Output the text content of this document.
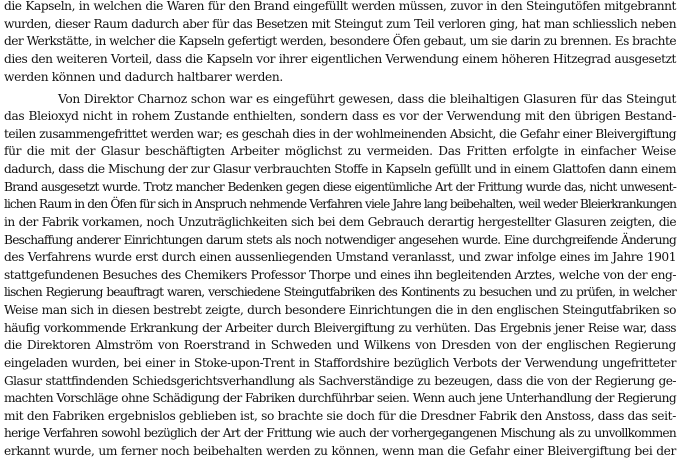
die Kapseln, in welchen die Waren für den Brand eingefüllt werden müssen, zuvor in den Steingutöfen mitgebrannt
wurden, dieser Raum dadurch aber für das Besetzen mit Steingut zum Teil verloren ging, hat man schliesslich neben
der Werkstätte, in welcher die Kapseln gefertigt werden, besondere Öfen gebaut, um sie darin zu brennen. Es brachte
dies den weiteren Vorteil, dass die Kapseln vor ihrer eigentlichen Verwendung einem höheren Hitzegrad ausgesetzt
werden können und dadurch haltbarer werden.
Von Direktor Charnoz schon war es eingeführt gewesen, dass die bleihaltigen Glasuren für das Steingut
das Bleioxyd nicht in rohem Zustande enthielten, sondern dass es vor der Verwendung mit den übrigen Bestand-
teilen zusammengefrittet werden war; es geschah dies in der wohlmeinenden Absicht, die Gefahr einer Bleivergiftung
für die mit der Glasur beschäftigten Arbeiter möglichst zu vermeiden. Das Fritten erfolgte in einfacher Weise
dadurch, dass die Mischung der zur Glasur verbrauchten Stoffe in Kapseln gefüllt und in einem Glattofen dann einem
Brand ausgesetzt wurde. Trotz mancher Bedenken gegen diese eigentümliche Art der Frittung wurde das, nicht unwesent-
lichen Raum in den Öfen für sich in Anspruch nehmende Verfahren viele Jahre lang beibehalten, weil weder Bleierkrankungen
in der Fabrik vorkamen, noch Unzuträglichkeiten sich bei dem Gebrauch derartig hergestellter Glasuren zeigten, die
Beschaffung anderer Einrichtungen darum stets als noch notwendiger angesehen wurde. Eine durchgreifende Änderung
des Verfahrens wurde erst durch einen aussenliegenden Umstand veranlasst, und zwar infolge eines im Jahre 1901
stattgefundenen Besuches des Chemikers Professor Thorpe und eines ihn begleitenden Arztes, welche von der eng-
lischen Regierung beauftragt waren, verschiedene Steingutfabriken des Kontinents zu besuchen und zu prüfen, in welcher
Weise man sich in diesen bestrebt zeigte, durch besondere Einrichtungen die in den englischen Steingutfabriken so
häufig vorkommende Erkrankung der Arbeiter durch Bleivergiftung zu verhüten. Das Ergebnis jener Reise war, dass
die Direktoren Almström von Roerstrand in Schweden und Wilkens von Dresden von der englischen Regierung
eingeladen wurden, bei einer in Stoke-upon-Trent in Staffordshire bezüglich Verbots der Verwendung ungefritteter
Glasur stattfindenden Schiedsgerichtsverhandlung als Sachverständige zu bezeugen, dass die von der Regierung ge-
machten Vorschläge ohne Schädigung der Fabriken durchführbar seien. Wenn auch jene Unterhandlung der Regierung
mit den Fabriken ergebnislos geblieben ist, so brachte sie doch für die Dresdner Fabrik den Anstoss, dass das seit-
herige Verfahren sowohl bezüglich der Art der Frittung wie auch der vorhergegangenen Mischung als zu unvollkommen
erkannt wurde, um ferner noch beibehalten werden zu können, wenn man die Gefahr einer Bleivergiftung bei der
